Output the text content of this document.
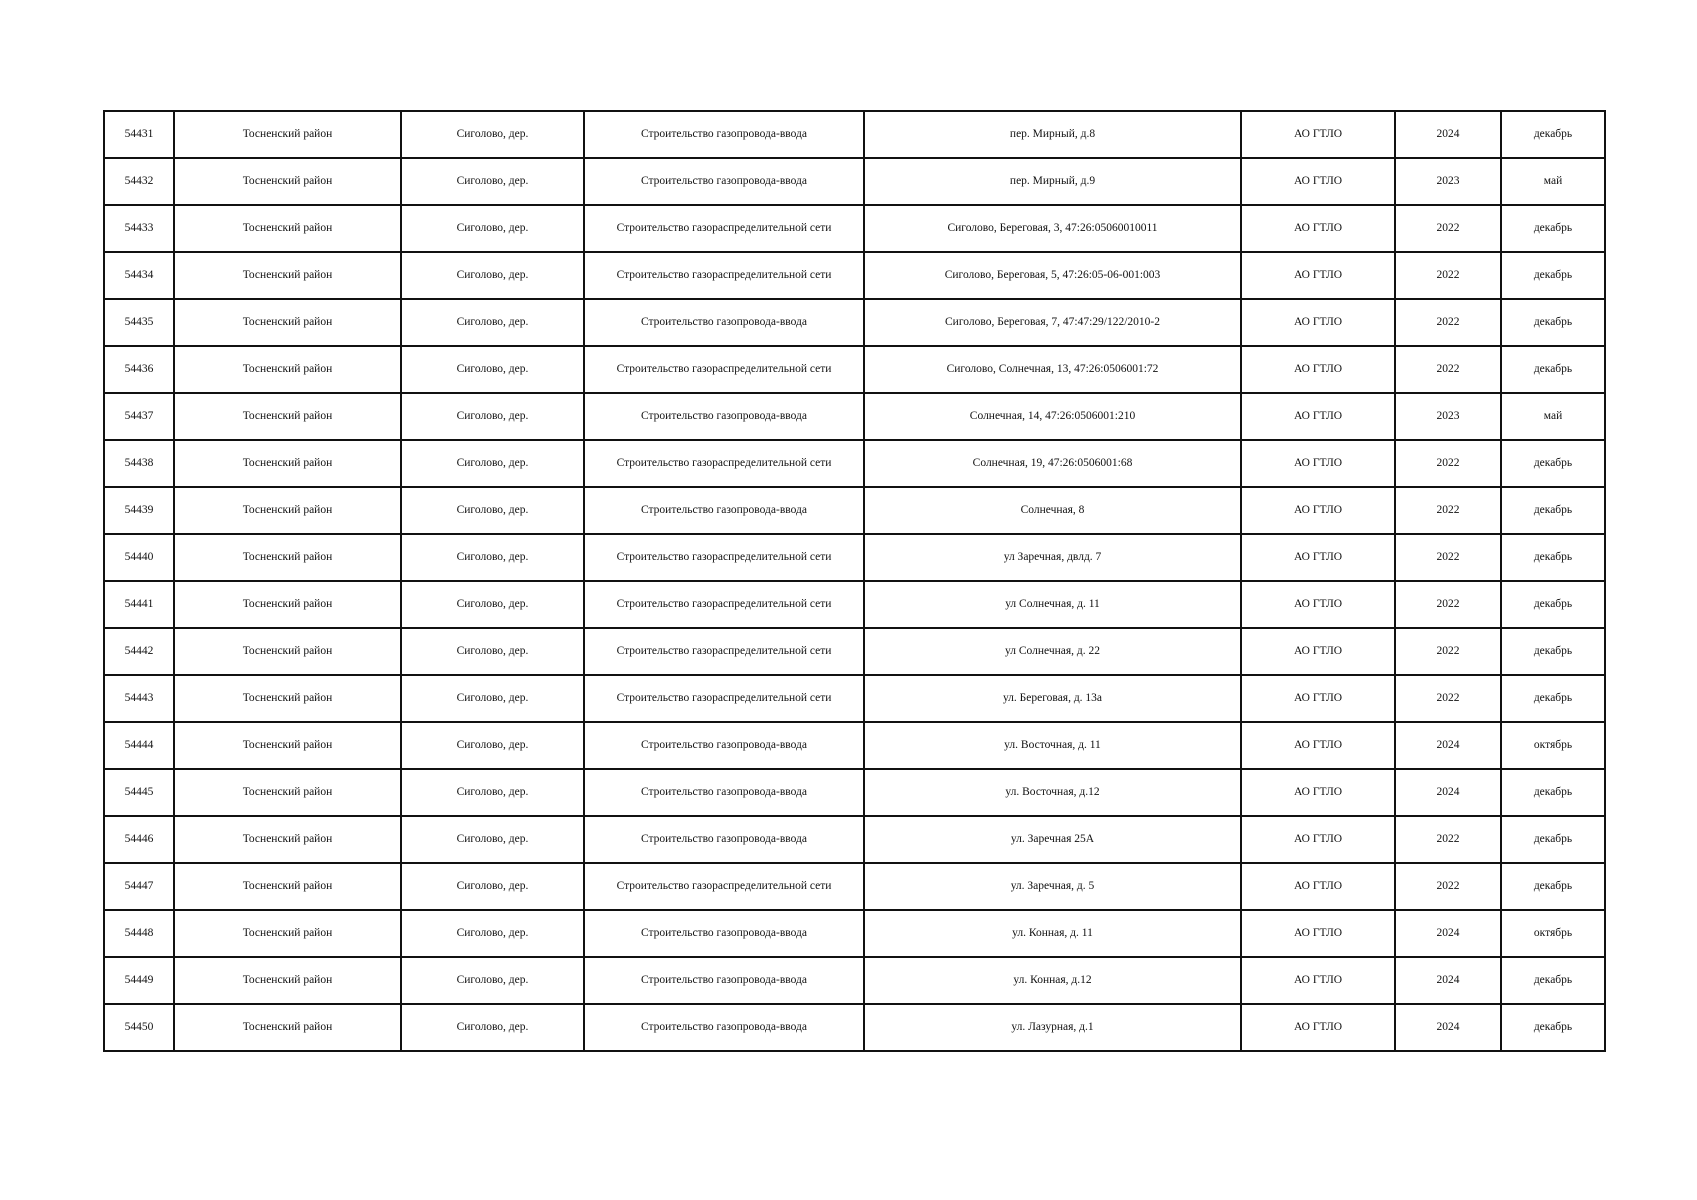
54431	Тосненский район	Сиголово, дер.	Строительство газопровода-ввода	пер. Мирный, д.8	АО ГТЛО	2024	декабрь
54432	Тосненский район	Сиголово, дер.	Строительство газопровода-ввода	пер. Мирный, д.9	АО ГТЛО	2023	май
54433	Тосненский район	Сиголово, дер.	Строительство газораспределительной сети	Сиголово, Береговая, 3, 47:26:05060010011	АО ГТЛО	2022	декабрь
54434	Тосненский район	Сиголово, дер.	Строительство газораспределительной сети	Сиголово, Береговая, 5, 47:26:05-06-001:003	АО ГТЛО	2022	декабрь
54435	Тосненский район	Сиголово, дер.	Строительство газопровода-ввода	Сиголово, Береговая, 7, 47:47:29/122/2010-2	АО ГТЛО	2022	декабрь
54436	Тосненский район	Сиголово, дер.	Строительство газораспределительной сети	Сиголово, Солнечная, 13, 47:26:0506001:72	АО ГТЛО	2022	декабрь
54437	Тосненский район	Сиголово, дер.	Строительство газопровода-ввода	Солнечная, 14, 47:26:0506001:210	АО ГТЛО	2023	май
54438	Тосненский район	Сиголово, дер.	Строительство газораспределительной сети	Солнечная, 19, 47:26:0506001:68	АО ГТЛО	2022	декабрь
54439	Тосненский район	Сиголово, дер.	Строительство газопровода-ввода	Солнечная, 8	АО ГТЛО	2022	декабрь
54440	Тосненский район	Сиголово, дер.	Строительство газораспределительной сети	ул Заречная, двлд. 7	АО ГТЛО	2022	декабрь
54441	Тосненский район	Сиголово, дер.	Строительство газораспределительной сети	ул Солнечная, д. 11	АО ГТЛО	2022	декабрь
54442	Тосненский район	Сиголово, дер.	Строительство газораспределительной сети	ул Солнечная, д. 22	АО ГТЛО	2022	декабрь
54443	Тосненский район	Сиголово, дер.	Строительство газораспределительной сети	ул. Береговая, д. 13а	АО ГТЛО	2022	декабрь
54444	Тосненский район	Сиголово, дер.	Строительство газопровода-ввода	ул. Восточная, д. 11	АО ГТЛО	2024	октябрь
54445	Тосненский район	Сиголово, дер.	Строительство газопровода-ввода	ул. Восточная, д.12	АО ГТЛО	2024	декабрь
54446	Тосненский район	Сиголово, дер.	Строительство газопровода-ввода	ул. Заречная 25А	АО ГТЛО	2022	декабрь
54447	Тосненский район	Сиголово, дер.	Строительство газораспределительной сети	ул. Заречная, д. 5	АО ГТЛО	2022	декабрь
54448	Тосненский район	Сиголово, дер.	Строительство газопровода-ввода	ул. Конная, д. 11	АО ГТЛО	2024	октябрь
54449	Тосненский район	Сиголово, дер.	Строительство газопровода-ввода	ул. Конная, д.12	АО ГТЛО	2024	декабрь
54450	Тосненский район	Сиголово, дер.	Строительство газопровода-ввода	ул. Лазурная, д.1	АО ГТЛО	2024	декабрь
